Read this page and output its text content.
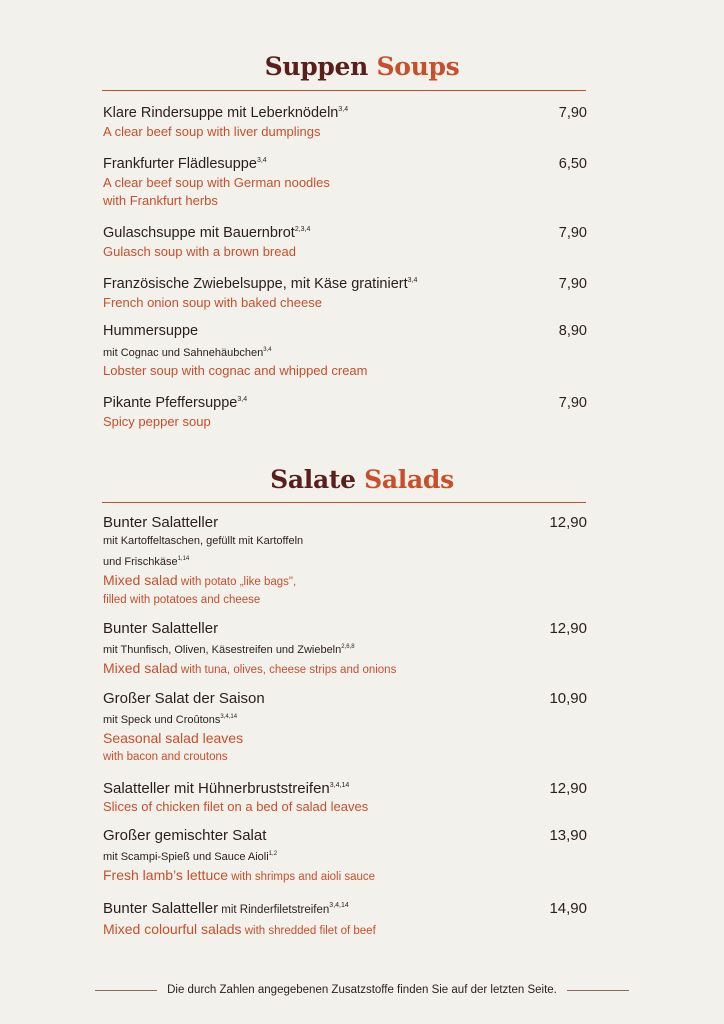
Suppen Soups
Klare Rindersuppe mit Leberknödeln$^{3,4}$	7,90
A clear beef soup with liver dumplings
Frankfurter Flädlesuppe$^{3,4}$	6,50
A clear beef soup with German noodles
with Frankfurt herbs
Gulaschsuppe mit Bauernbrot$^{2,3,4}$	7,90
Gulasch soup with a brown bread
Französische Zwiebelsuppe, mit Käse gratiniert$^{3,4}$	7,90
French onion soup with baked cheese
Hummersuppe	8,90
mit Cognac und Sahnehäubchen$^{3,4}$
Lobster soup with cognac and whipped cream
Pikante Pfeffersuppe$^{3,4}$	7,90
Spicy pepper soup
Salate Salads
Bunter Salatteller	12,90
mit Kartoffeltaschen, gefüllt mit Kartoffeln
und Frischkäse$^{1,14}$
Mixed salad with potato „like bags",
filled with potatoes and cheese
Bunter Salatteller	12,90
mit Thunfisch, Oliven, Käsestreifen und Zwiebeln$^{2,6,8}$
Mixed salad with tuna, olives, cheese strips and onions
Großer Salat der Saison	10,90
mit Speck und Croûtons$^{3,4,14}$
Seasonal salad leaves
with bacon and croutons
Salatteller mit Hühnerbruststreifen$^{3,4,14}$	12,90
Slices of chicken filet on a bed of salad leaves
Großer gemischter Salat	13,90
mit Scampi-Spieß und Sauce Aioli$^{1,2}$
Fresh lamb’s lettuce with shrimps and aioli sauce
Bunter Salatteller mit Rinderfiletstreifen$^{3,4,14}$	14,90
Mixed colourful salads with shredded filet of beef
Die durch Zahlen angegebenen Zusatzstoffe finden Sie auf der letzten Seite.
